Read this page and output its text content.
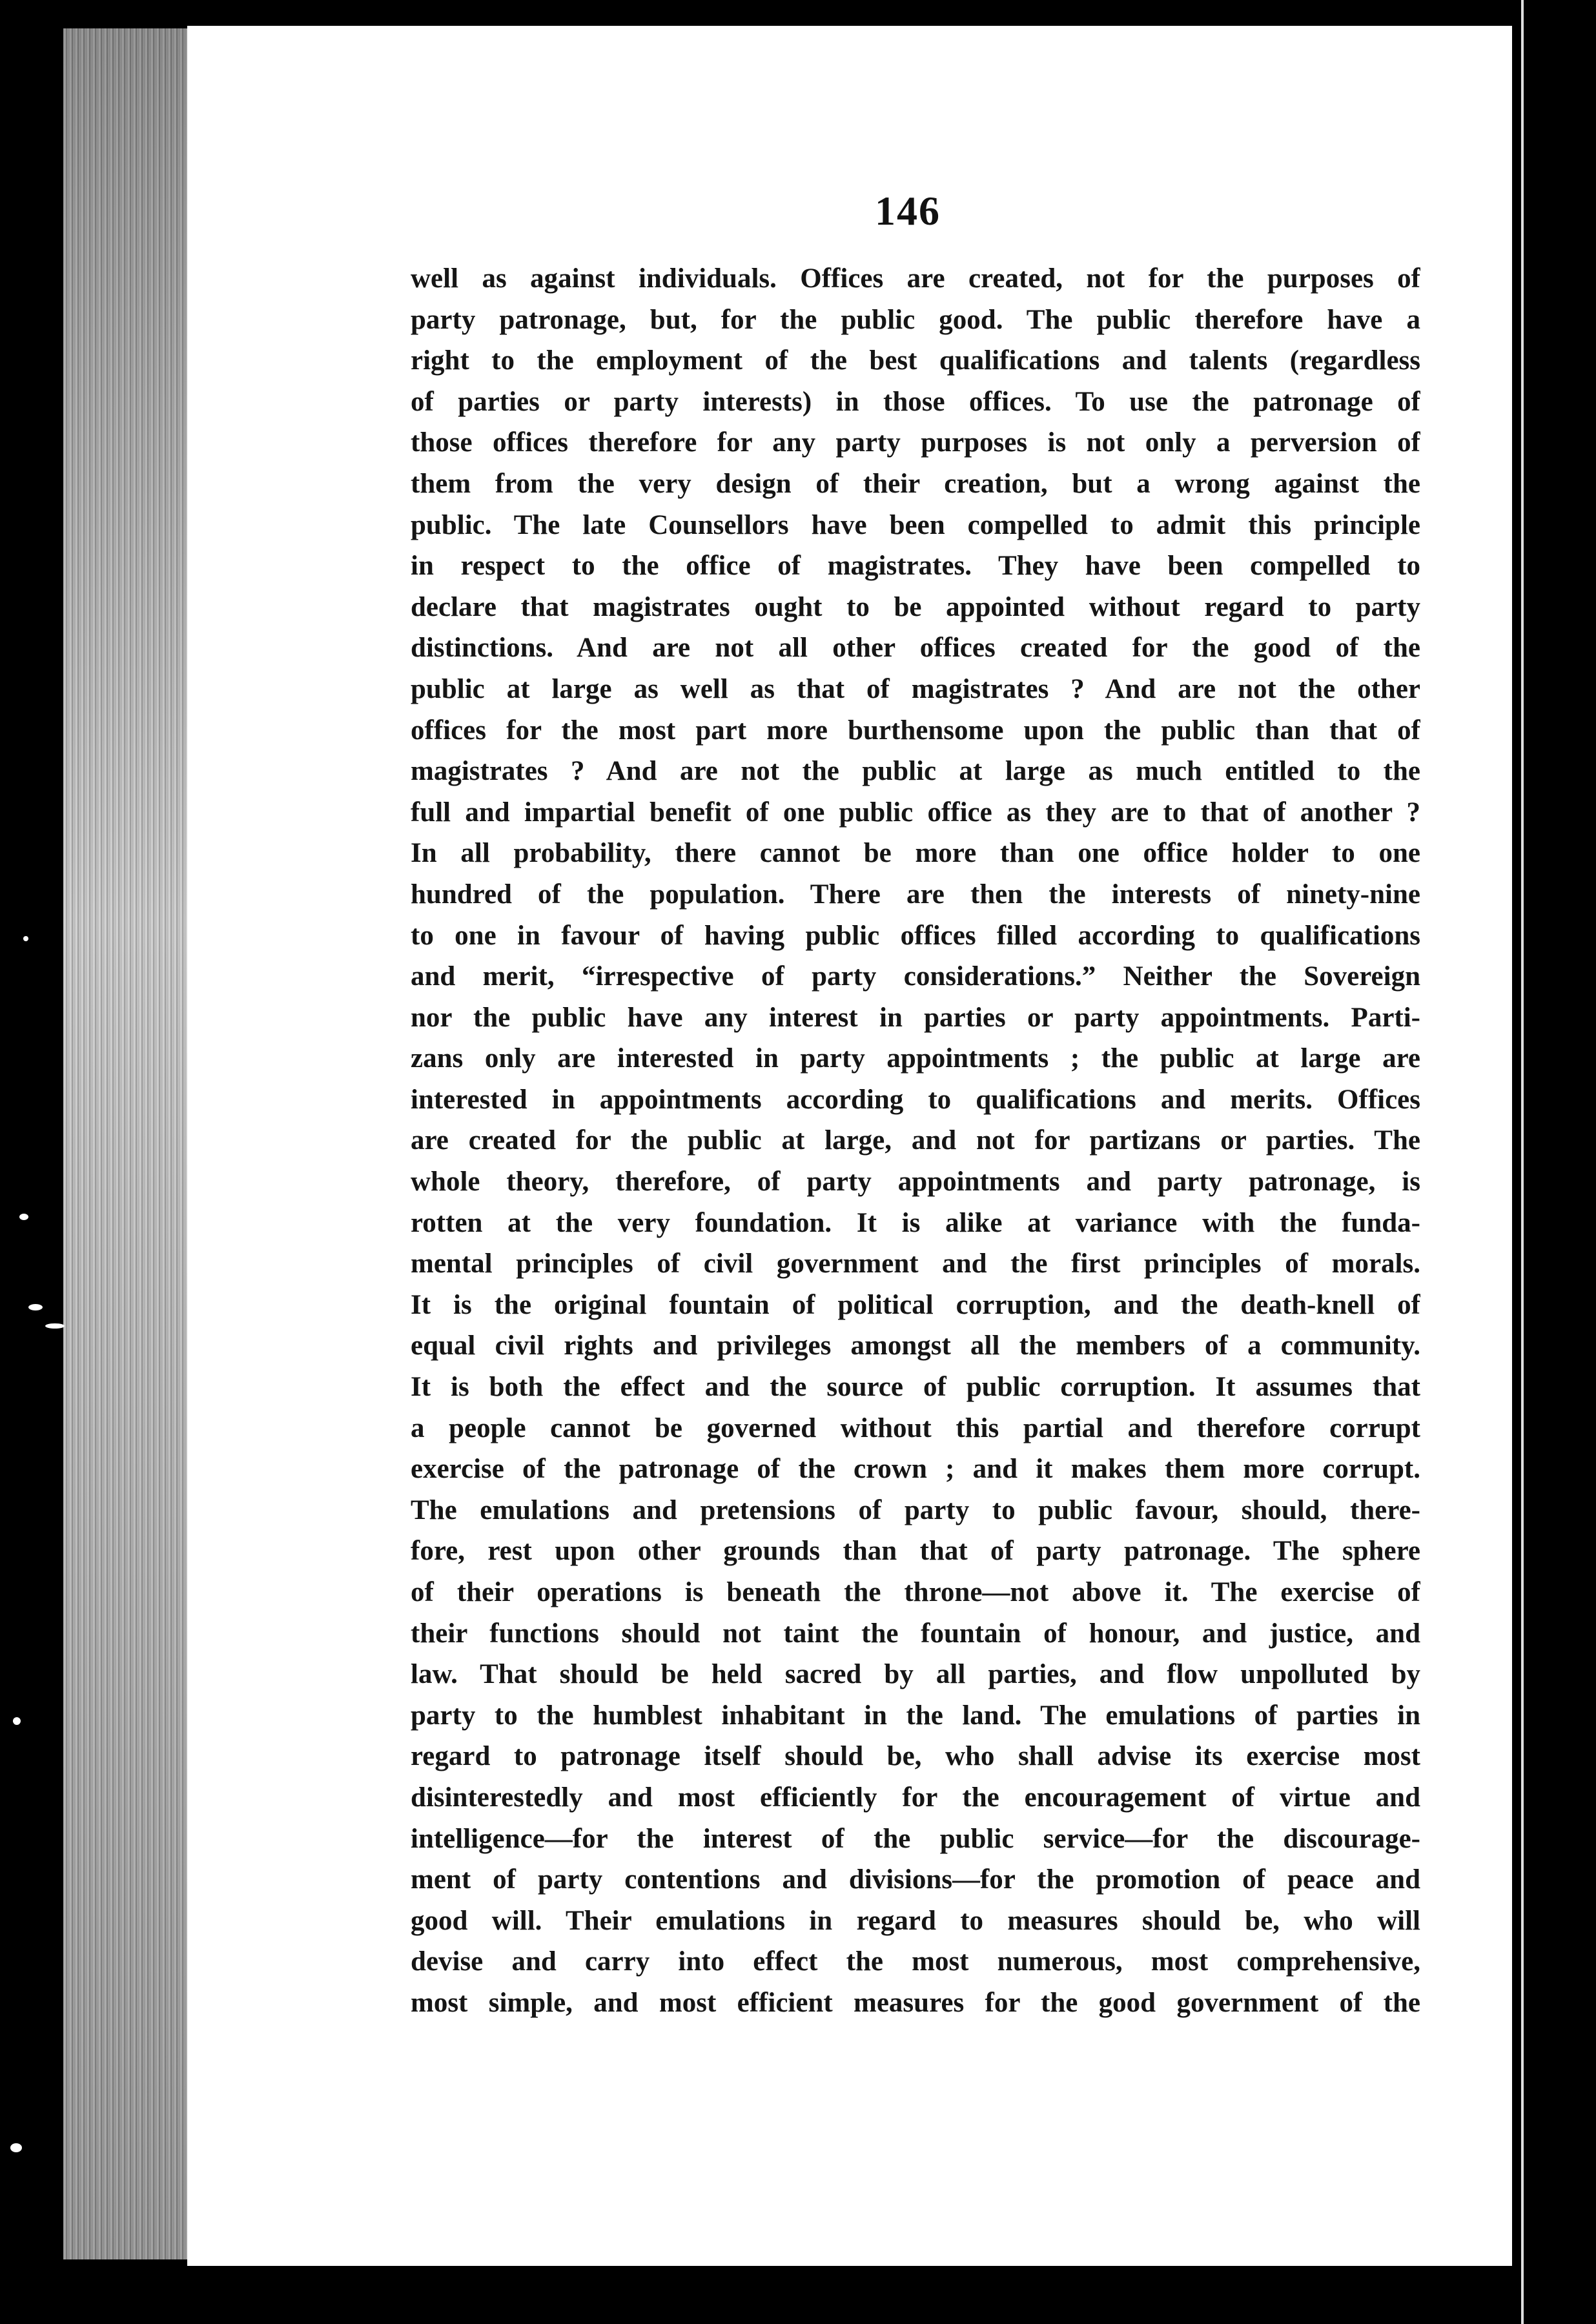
146
well as against individuals. Offices are created, not for the purposes of
party patronage, but, for the public good. The public therefore have a
right to the employment of the best qualifications and talents (regardless
of parties or party interests) in those offices. To use the patronage of
those offices therefore for any party purposes is not only a perversion of
them from the very design of their creation, but a wrong against the
public. The late Counsellors have been compelled to admit this principle
in respect to the office of magistrates. They have been compelled to
declare that magistrates ought to be appointed without regard to party
distinctions. And are not all other offices created for the good of the
public at large as well as that of magistrates ? And are not the other
offices for the most part more burthensome upon the public than that of
magistrates ? And are not the public at large as much entitled to the
full and impartial benefit of one public office as they are to that of another ?
In all probability, there cannot be more than one office holder to one
hundred of the population. There are then the interests of ninety-nine
to one in favour of having public offices filled according to qualifications
and merit, “irrespective of party considerations.” Neither the Sovereign
nor the public have any interest in parties or party appointments. Parti-
zans only are interested in party appointments ; the public at large are
interested in appointments according to qualifications and merits. Offices
are created for the public at large, and not for partizans or parties. The
whole theory, therefore, of party appointments and party patronage, is
rotten at the very foundation. It is alike at variance with the funda-
mental principles of civil government and the first principles of morals.
It is the original fountain of political corruption, and the death-knell of
equal civil rights and privileges amongst all the members of a community.
It is both the effect and the source of public corruption. It assumes that
a people cannot be governed without this partial and therefore corrupt
exercise of the patronage of the crown ; and it makes them more corrupt.
The emulations and pretensions of party to public favour, should, there-
fore, rest upon other grounds than that of party patronage. The sphere
of their operations is beneath the throne—not above it. The exercise of
their functions should not taint the fountain of honour, and justice, and
law. That should be held sacred by all parties, and flow unpolluted by
party to the humblest inhabitant in the land. The emulations of parties in
regard to patronage itself should be, who shall advise its exercise most
disinterestedly and most efficiently for the encouragement of virtue and
intelligence—for the interest of the public service—for the discourage-
ment of party contentions and divisions—for the promotion of peace and
good will. Their emulations in regard to measures should be, who will
devise and carry into effect the most numerous, most comprehensive,
most simple, and most efficient measures for the good government of the
